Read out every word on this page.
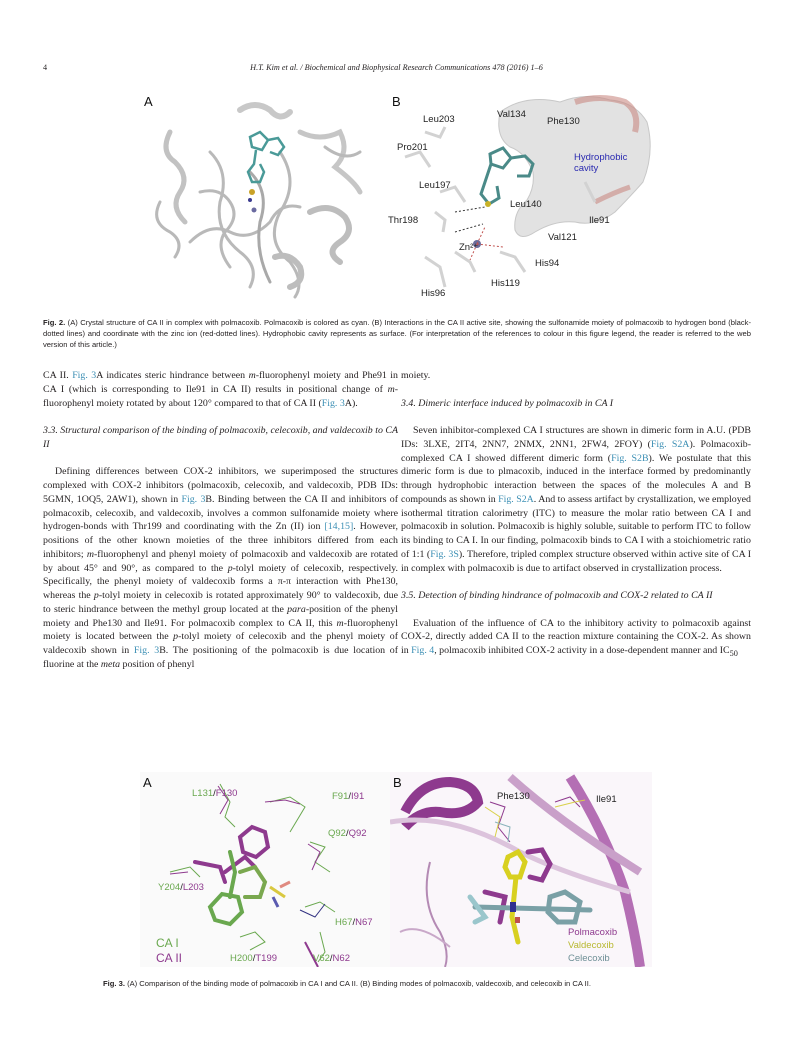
4	H.T. Kim et al. / Biochemical and Biophysical Research Communications 478 (2016) 1–6
A	B
Leu203	Val134
Phe130
Pro201
Hydrophobic
cavity
Leu197
Leu140
Thr198	Ile91
Val121
Zn²⁺
His94
His119
His96
Fig. 2. (A) Crystal structure of CA II in complex with polmacoxib. Polmacoxib is colored as cyan. (B) Interactions in the CA II active site, showing the sulfonamide moiety of polmacoxib to hydrogen bond (black-dotted lines) and coordinate with the zinc ion (red-dotted lines). Hydrophobic cavity represents as surface. (For interpretation of the references to colour in this figure legend, the reader is referred to the web version of this article.)

CA II. Fig. 3A indicates steric hindrance between m-fluorophenyl moiety and Phe91 in CA I (which is corresponding to Ile91 in CA II) results in positional change of m-fluorophenyl moiety rotated by about 120° compared to that of CA II (Fig. 3A).

3.3. Structural comparison of the binding of polmacoxib, celecoxib, and valdecoxib to CA II

Defining differences between COX-2 inhibitors, we superimposed the structures complexed with COX-2 inhibitors (polmacoxib, celecoxib, and valdecoxib, PDB IDs: 5GMN, 1OQ5, 2AW1), shown in Fig. 3B. Binding between the CA II and inhibitors of polmacoxib, celecoxib, and valdecoxib, involves a common sulfonamide moiety where hydrogen-bonds with Thr199 and coordinating with the Zn (II) ion [14,15]. However, positions of the other known moieties of the three inhibitors differed from each inhibitors; m-fluorophenyl and phenyl moiety of polmacoxib and valdecoxib are rotated by about 45° and 90°, as compared to the p-tolyl moiety of celecoxib, respectively. Specifically, the phenyl moiety of valdecoxib forms a π-π interaction with Phe130, whereas the p-tolyl moiety in celecoxib is rotated approximately 90° to valdecoxib, due to steric hindrance between the methyl group located at the para-position of the phenyl moiety and Phe130 and Ile91. For polmacoxib complex to CA II, this m-fluorophenyl moiety is located between the p-tolyl moiety of celecoxib and the phenyl moiety of valdecoxib shown in Fig. 3B. The positioning of the polmacoxib is due location of fluorine at the meta position of phenyl

moiety.

3.4. Dimeric interface induced by polmacoxib in CA I

Seven inhibitor-complexed CA I structures are shown in dimeric form in A.U. (PDB IDs: 3LXE, 2IT4, 2NN7, 2NMX, 2NN1, 2FW4, 2FOY) (Fig. S2A). Polmacoxib-complexed CA I showed different dimeric form (Fig. S2B). We postulate that this dimeric form is due to plmacoxib, induced in the interface formed by predominantly through hydrophobic interaction between the spaces of the molecules A and B compounds as shown in Fig. S2A. And to assess artifact by crystallization, we employed isothermal titration calorimetry (ITC) to measure the molar ratio between CA I and polmacoxib in solution. Polmacoxib is highly soluble, suitable to perform ITC to follow its binding to CA I. In our finding, polmacoxib binds to CA I with a stoichiometric ratio of 1:1 (Fig. 3S). Therefore, tripled complex structure observed within active site of CA I in complex with polmacoxib is due to artifact observed in crystallization process.

3.5. Detection of binding hindrance of polmacoxib and COX-2 related to CA II

Evaluation of the influence of CA to the inhibitory activity to polmacoxib against COX-2, directly added CA II to the reaction mixture containing the COX-2. As shown in Fig. 4, polmacoxib inhibited COX-2 activity in a dose-dependent manner and $IC_{50}$

A
L131/F130	F91/I91
Q92/Q92
Y204/L203
H67/N67
H200/T199	V62/N62
CA I
CA II
B
Phe130	Ile91
Polmacoxib
Valdecoxib
Celecoxib
Fig. 3. (A) Comparison of the binding mode of polmacoxib in CA I and CA II. (B) Binding modes of polmacoxib, valdecoxib, and celecoxib in CA II.
